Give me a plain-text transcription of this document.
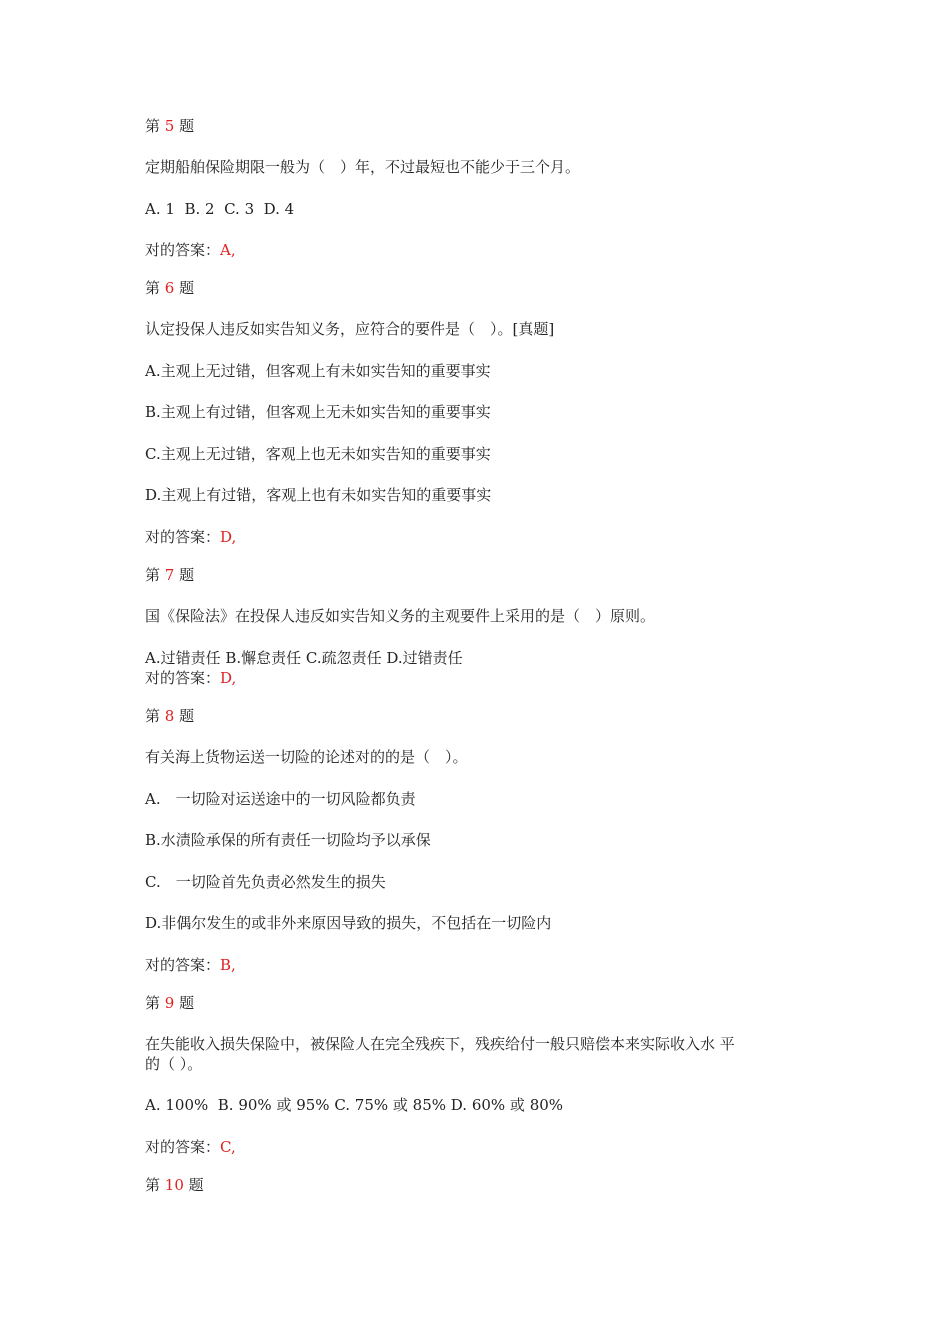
第 5 题
定期船舶保险期限一般为（　）年，不过最短也不能少于三个月。
A. 1  B. 2  C. 3  D. 4
对的答案：A,
第 6 题
认定投保人违反如实告知义务，应符合的要件是（　）。[真题]
A.主观上无过错，但客观上有未如实告知的重要事实
B.主观上有过错，但客观上无未如实告知的重要事实
C.主观上无过错，客观上也无未如实告知的重要事实
D.主观上有过错，客观上也有未如实告知的重要事实
对的答案：D,
第 7 题
国《保险法》在投保人违反如实告知义务的主观要件上采用的是（　）原则。
A.过错责任 B.懈怠责任 C.疏忽责任 D.过错责任
对的答案：D,
第 8 题
有关海上货物运送一切险的论述对的的是（　）。
A.　一切险对运送途中的一切风险都负责
B.水渍险承保的所有责任一切险均予以承保
C.　一切险首先负责必然发生的损失
D.非偶尔发生的或非外来原因导致的损失，不包括在一切险内
对的答案：B,
第 9 题
在失能收入损失保险中，被保险人在完全残疾下，残疾给付一般只赔偿本来实际收入水 平
的（ ）。
A. 100%  B. 90% 或 95% C. 75% 或 85% D. 60% 或 80%
对的答案：C,
第 10 题
